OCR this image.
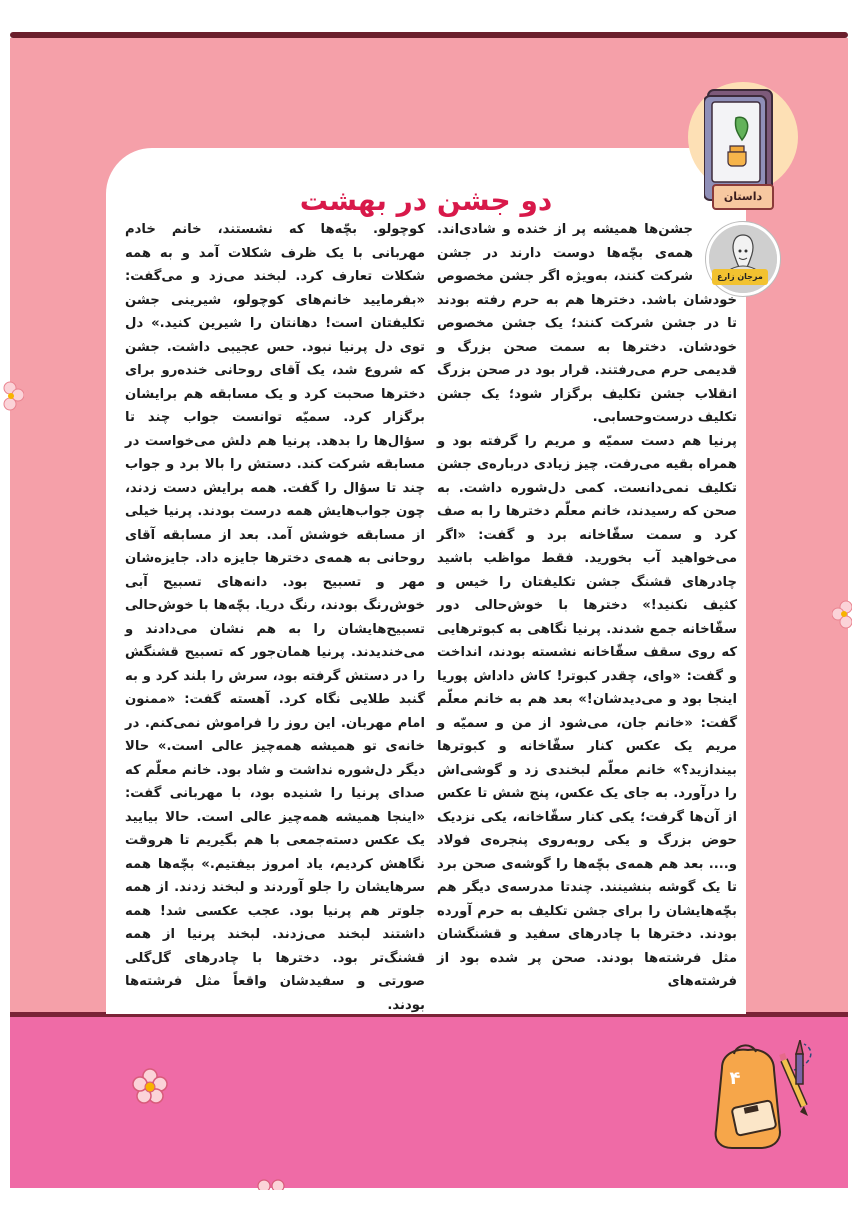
دو جشن در بهشت	داستان
مرجان زارع

جشن‌ها همیشه پر از خنده و شادی‌اند. همه‌ی بچّه‌ها دوست دارند در جشن شرکت کنند، به‌ویژه اگر جشن مخصوص خودشان باشد. دخترها هم به حرم رفته بودند تا در جشن شرکت کنند؛ یک جشن مخصوص خودشان. دخترها به سمت صحن بزرگ و قدیمی حرم می‌رفتند. قرار بود در صحن بزرگ انقلاب جشن تکلیف برگزار شود؛ یک جشن تکلیف درست‌وحسابی.

پرنیا هم دست سمیّه و مریم را گرفته بود و همراه بقیه می‌رفت. چیز زیادی درباره‌ی جشن تکلیف نمی‌دانست. کمی دل‌شوره داشت. به صحن که رسیدند، خانم معلّم دخترها را به صف کرد و سمت سقّاخانه برد و گفت: «اگر می‌خواهید آب بخورید. فقط مواظب باشید چادرهای قشنگ جشن تکلیفتان را خیس و کثیف نکنید!» دخترها با خوش‌حالی دور سقّاخانه جمع شدند. پرنیا نگاهی به کبوترهایی که روی سقف سقّاخانه نشسته بودند، انداخت و گفت: «وای، چقدر کبوتر! کاش داداش پوریا اینجا بود و می‌دیدشان!» بعد هم به خانم معلّم گفت: «خانم جان، می‌شود از من و سمیّه و مریم یک عکس کنار سقّاخانه و کبوترها بیندازید؟» خانم معلّم لبخندی زد و گوشی‌اش را درآورد. به جای یک عکس، پنج شش تا عکس از آن‌ها گرفت؛ یکی کنار سقّاخانه، یکی نزدیک حوض بزرگ و یکی روبه‌روی پنجره‌ی فولاد و.... بعد هم همه‌ی بچّه‌ها را گوشه‌ی صحن برد تا یک گوشه بنشینند. چندتا مدرسه‌ی دیگر هم بچّه‌هایشان را برای جشن تکلیف به حرم آورده بودند. دخترها با چادرهای سفید و قشنگشان مثل فرشته‌ها بودند. صحن پر شده بود از فرشته‌های

کوچولو. بچّه‌ها که نشستند، خانم خادم مهربانی با یک ظرف شکلات آمد و به همه شکلات تعارف کرد. لبخند می‌زد و می‌گفت: «بفرمایید خانم‌های کوچولو، شیرینی جشن تکلیفتان است! دهانتان را شیرین کنید.» دل توی دل پرنیا نبود. حس عجیبی داشت. جشن که شروع شد، یک آقای روحانی خنده‌رو برای دخترها صحبت کرد و یک مسابقه هم برایشان برگزار کرد. سمیّه توانست جواب چند تا سؤال‌ها را بدهد. پرنیا هم دلش می‌خواست در مسابقه شرکت کند. دستش را بالا برد و جواب چند تا سؤال را گفت. همه برایش دست زدند، چون جواب‌هایش همه درست بودند. پرنیا خیلی از مسابقه خوشش آمد. بعد از مسابقه آقای روحانی به همه‌ی دخترها جایزه داد. جایزه‌شان مهر و تسبیح بود. دانه‌های تسبیح آبی خوش‌رنگ بودند، رنگ دریا. بچّه‌ها با خوش‌حالی تسبیح‌هایشان را به هم نشان می‌دادند و می‌خندیدند. پرنیا همان‌جور که تسبیح قشنگش را در دستش گرفته بود، سرش را بلند کرد و به گنبد طلایی نگاه کرد. آهسته گفت: «ممنون امام مهربان. این روز را فراموش نمی‌کنم. در خانه‌ی تو همیشه همه‌چیز عالی است.» حالا دیگر دل‌شوره نداشت و شاد بود. خانم معلّم که صدای پرنیا را شنیده بود، با مهربانی گفت: «اینجا همیشه همه‌چیز عالی است. حالا بیایید یک عکس دسته‌جمعی با هم بگیریم تا هروقت نگاهش کردیم، یاد امروز بیفتیم.» بچّه‌ها همه سرهایشان را جلو آوردند و لبخند زدند. از همه جلوتر هم پرنیا بود. عجب عکسی شد! همه داشتند لبخند می‌زدند. لبخند پرنیا از همه قشنگ‌تر بود. دخترها با چادرهای گل‌گلی صورتی و سفیدشان واقعاً مثل فرشته‌ها بودند.

۴
